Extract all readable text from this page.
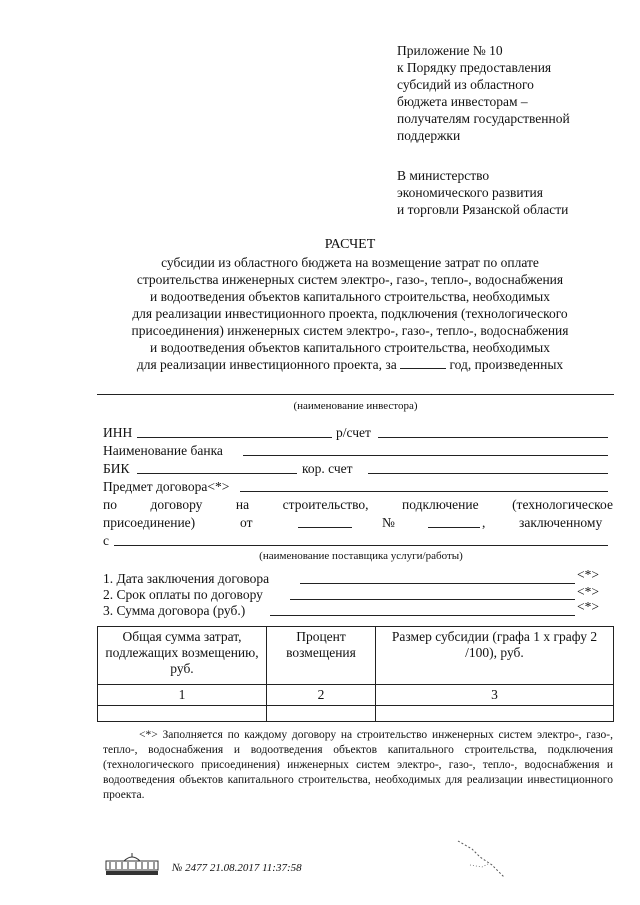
Приложение № 10
к Порядку предоставления
субсидий из областного
бюджета инвесторам –
получателям государственной
поддержки
В министерство
экономического развития
и торговли Рязанской области
РАСЧЕТ
субсидии из областного бюджета на возмещение затрат по оплате
строительства инженерных систем электро-, газо-, тепло-, водоснабжения
и водоотведения объектов капитального строительства, необходимых
для реализации инвестиционного проекта, подключения (технологического
присоединения) инженерных систем электро-, газо-, тепло-, водоснабжения
и водоотведения объектов капитального строительства, необходимых
для реализации инвестиционного проекта, за	год, произведенных
(наименование инвестора)
ИНН	р/счет
Наименование банка
БИК	кор. счет
Предмет договора<*>
по договору на строительство, подключение (технологическое
присоединение)	от	№	, заключенному
с
(наименование поставщика услуги/работы)
1. Дата заключения договора	<*>
2. Срок оплаты по договору	<*>
3. Сумма договора (руб.)	<*>
Общая сумма затрат, подлежащих возмещению, руб.	Процент возмещения	Размер субсидии (графа 1 х графу 2 /100), руб.
1	2	3

<*> Заполняется по каждому договору на строительство инженерных систем электро-, газо-, тепло-, водоснабжения и водоотведения объектов капитального строительства, подключения (технологического присоединения) инженерных систем электро-, газо-, тепло-, водоснабжения и водоотведения объектов капитального строительства, необходимых для реализации инвестиционного проекта.
№ 2477 21.08.2017 11:37:58
